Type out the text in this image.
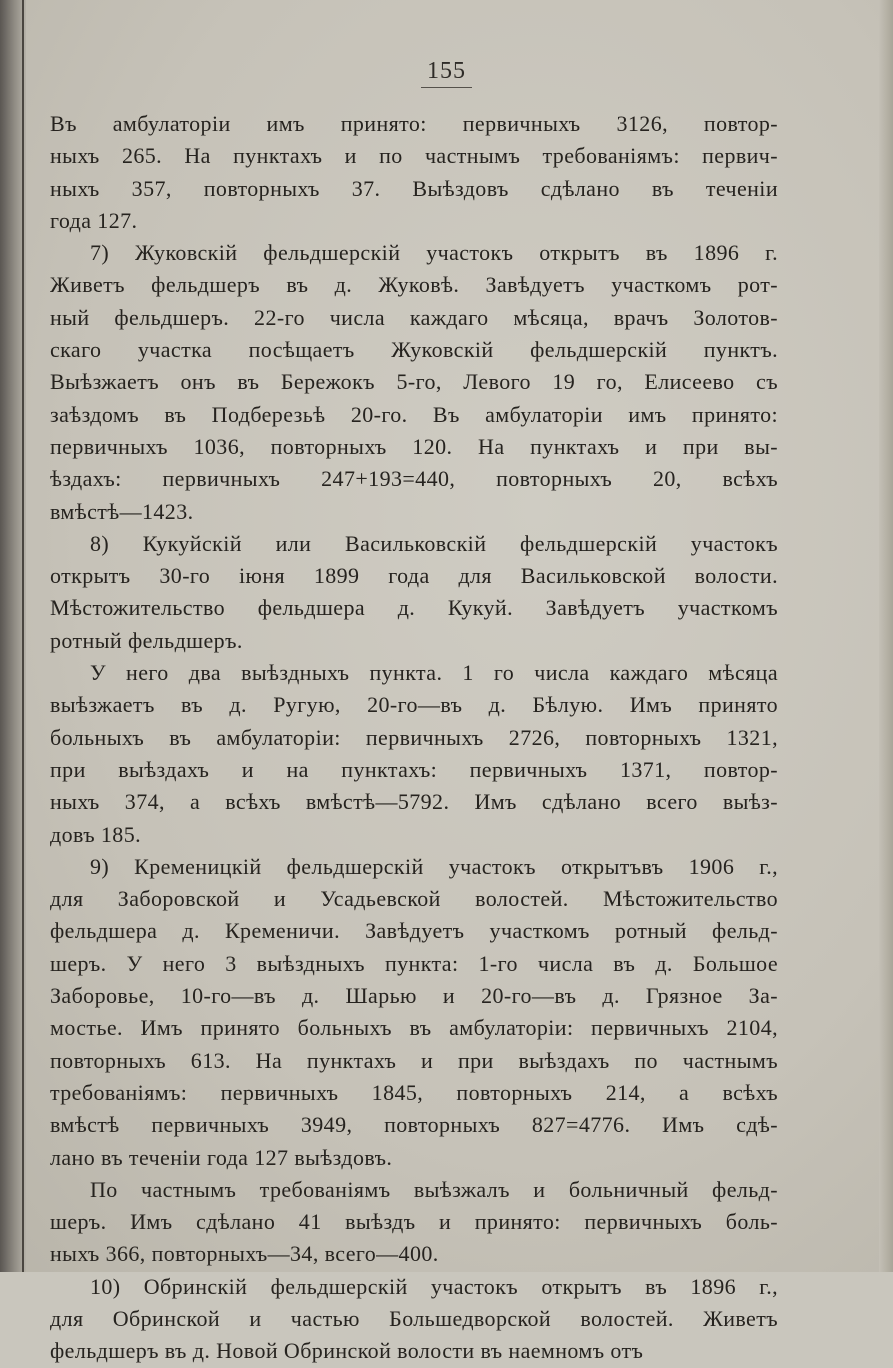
155
Въ амбулаторіи имъ принято: первичныхъ 3126, повтор-
ныхъ 265. На пунктахъ и по частнымъ требованіямъ: первич-
ныхъ 357, повторныхъ 37. Выѣздовъ сдѣлано въ теченіи
года 127.
7) Жуковскій фельдшерскій участокъ открытъ въ 1896 г.
Живетъ фельдшеръ въ д. Жуковѣ. Завѣдуетъ участкомъ рот-
ный фельдшеръ. 22-го числа каждаго мѣсяца, врачъ Золотов-
скаго участка посѣщаетъ Жуковскій фельдшерскій пунктъ.
Выѣзжаетъ онъ въ Бережокъ 5-го, Левого 19 го, Елисеево съ
заѣздомъ въ Подберезьѣ 20-го. Въ амбулаторіи имъ принято:
первичныхъ 1036, повторныхъ 120. На пунктахъ и при вы-
ѣздахъ: первичныхъ 247+193=440, повторныхъ 20, всѣхъ
вмѣстѣ—1423.
8) Кукуйскій или Васильковскій фельдшерскій участокъ
открытъ 30-го іюня 1899 года для Васильковской волости.
Мѣстожительство фельдшера д. Кукуй. Завѣдуетъ участкомъ
ротный фельдшеръ.
У него два выѣздныхъ пункта. 1 го числа каждаго мѣсяца
выѣзжаетъ въ д. Ругую, 20-го—въ д. Бѣлую. Имъ принято
больныхъ въ амбулаторіи: первичныхъ 2726, повторныхъ 1321,
при выѣздахъ и на пунктахъ: первичныхъ 1371, повтор-
ныхъ 374, а всѣхъ вмѣстѣ—5792. Имъ сдѣлано всего выѣз-
довъ 185.
9) Кременицкій фельдшерскій участокъ открытъвъ 1906 г.,
для Заборовской и Усадьевской волостей. Мѣстожительство
фельдшера д. Кременичи. Завѣдуетъ участкомъ ротный фельд-
шеръ. У него 3 выѣздныхъ пункта: 1-го числа въ д. Большое
Заборовье, 10-го—въ д. Шарью и 20-го—въ д. Грязное За-
мостье. Имъ принято больныхъ въ амбулаторіи: первичныхъ 2104,
повторныхъ 613. На пунктахъ и при выѣздахъ по частнымъ
требованіямъ: первичныхъ 1845, повторныхъ 214, а всѣхъ
вмѣстѣ первичныхъ 3949, повторныхъ 827=4776. Имъ сдѣ-
лано въ теченіи года 127 выѣздовъ.
По частнымъ требованіямъ выѣзжалъ и больничный фельд-
шеръ. Имъ сдѣлано 41 выѣздъ и принято: первичныхъ боль-
ныхъ 366, повторныхъ—34, всего—400.
10) Обринскій фельдшерскій участокъ открытъ въ 1896 г.,
для Обринской и частью Большедворской волостей. Живетъ
фельдшеръ въ д. Новой Обринской волости въ наемномъ отъ
